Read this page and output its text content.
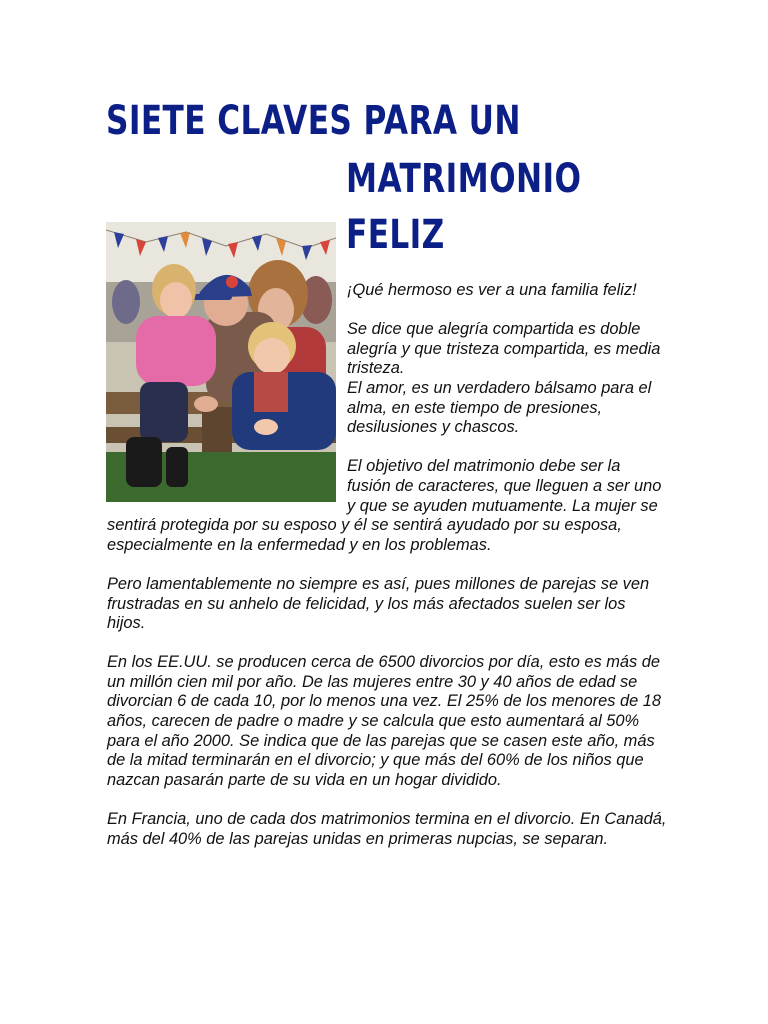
SIETE CLAVES PARA UN
MATRIMONIO
FELIZ

¡Qué hermoso es ver a una familia feliz!

Se dice que alegría compartida es doble alegría y que tristeza compartida, es media tristeza.

El amor, es un verdadero bálsamo para el alma, en este tiempo de presiones, desilusiones y chascos.

El objetivo del matrimonio debe ser la fusión de caracteres, que lleguen a ser uno y que se ayuden mutuamente. La mujer se sentirá protegida por su esposo y él se sentirá ayudado por su esposa, especialmente en la enfermedad y en los problemas.

Pero lamentablemente no siempre es así, pues millones de parejas se ven frustradas en su anhelo de felicidad, y los más afectados suelen ser los hijos.

En los EE.UU. se producen cerca de 6500 divorcios por día, esto es más de un millón cien mil por año. De las mujeres entre 30 y 40 años de edad se divorcian 6 de cada 10, por lo menos una vez. El 25% de los menores de 18 años, carecen de padre o madre y se calcula que esto aumentará al 50% para el año 2000. Se indica que de las parejas que se casen este año, más de la mitad terminarán en el divorcio; y que más del 60% de los niños que nazcan pasarán parte de su vida en un hogar dividido.

En Francia, uno de cada dos matrimonios termina en el divorcio. En Canadá, más del 40% de las parejas unidas en primeras nupcias, se separan.
